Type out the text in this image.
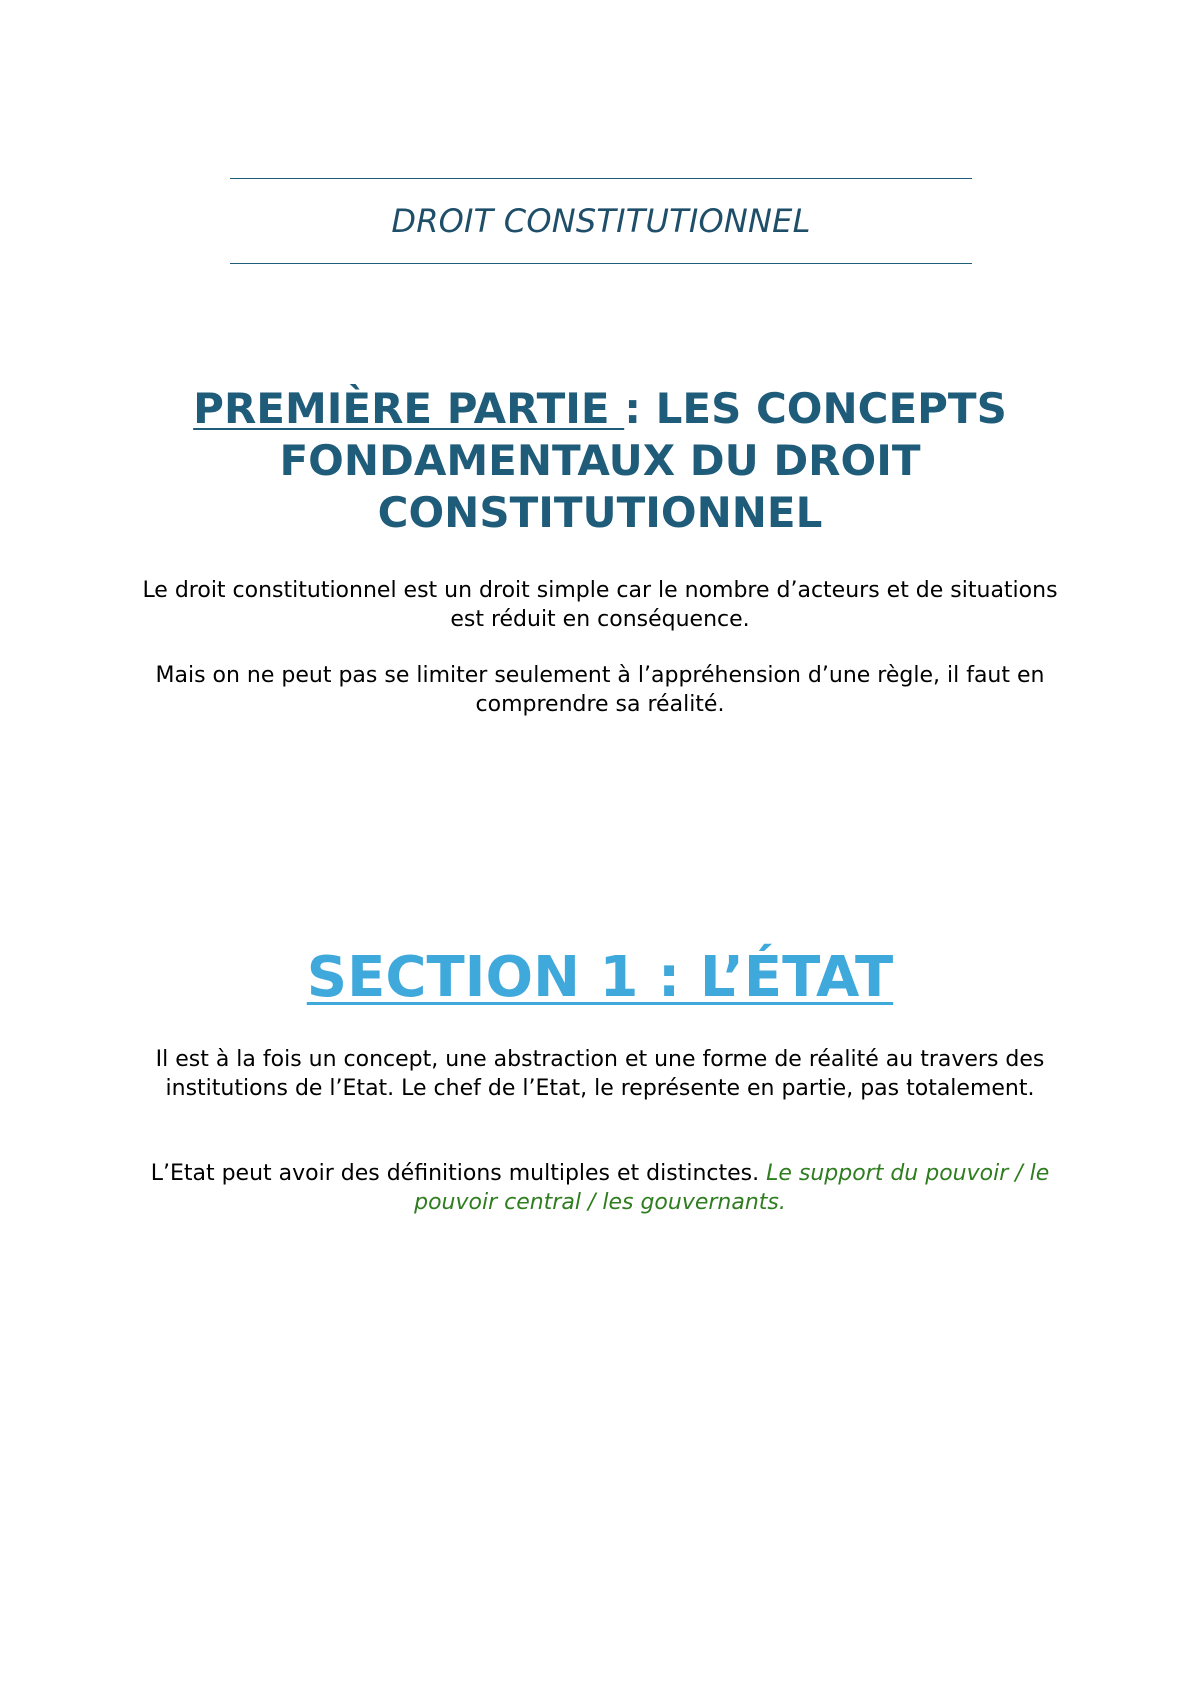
DROIT CONSTITUTIONNEL
PREMIÈRE PARTIE : LES CONCEPTS FONDAMENTAUX DU DROIT CONSTITUTIONNEL
Le droit constitutionnel est un droit simple car le nombre d’acteurs et de situations est réduit en conséquence.
Mais on ne peut pas se limiter seulement à l’appréhension d’une règle, il faut en comprendre sa réalité.
SECTION 1 : L’ÉTAT
Il est à la fois un concept, une abstraction et une forme de réalité au travers des institutions de l’Etat. Le chef de l’Etat, le représente en partie, pas totalement.
L’Etat peut avoir des définitions multiples et distinctes. Le support du pouvoir / le pouvoir central / les gouvernants.
